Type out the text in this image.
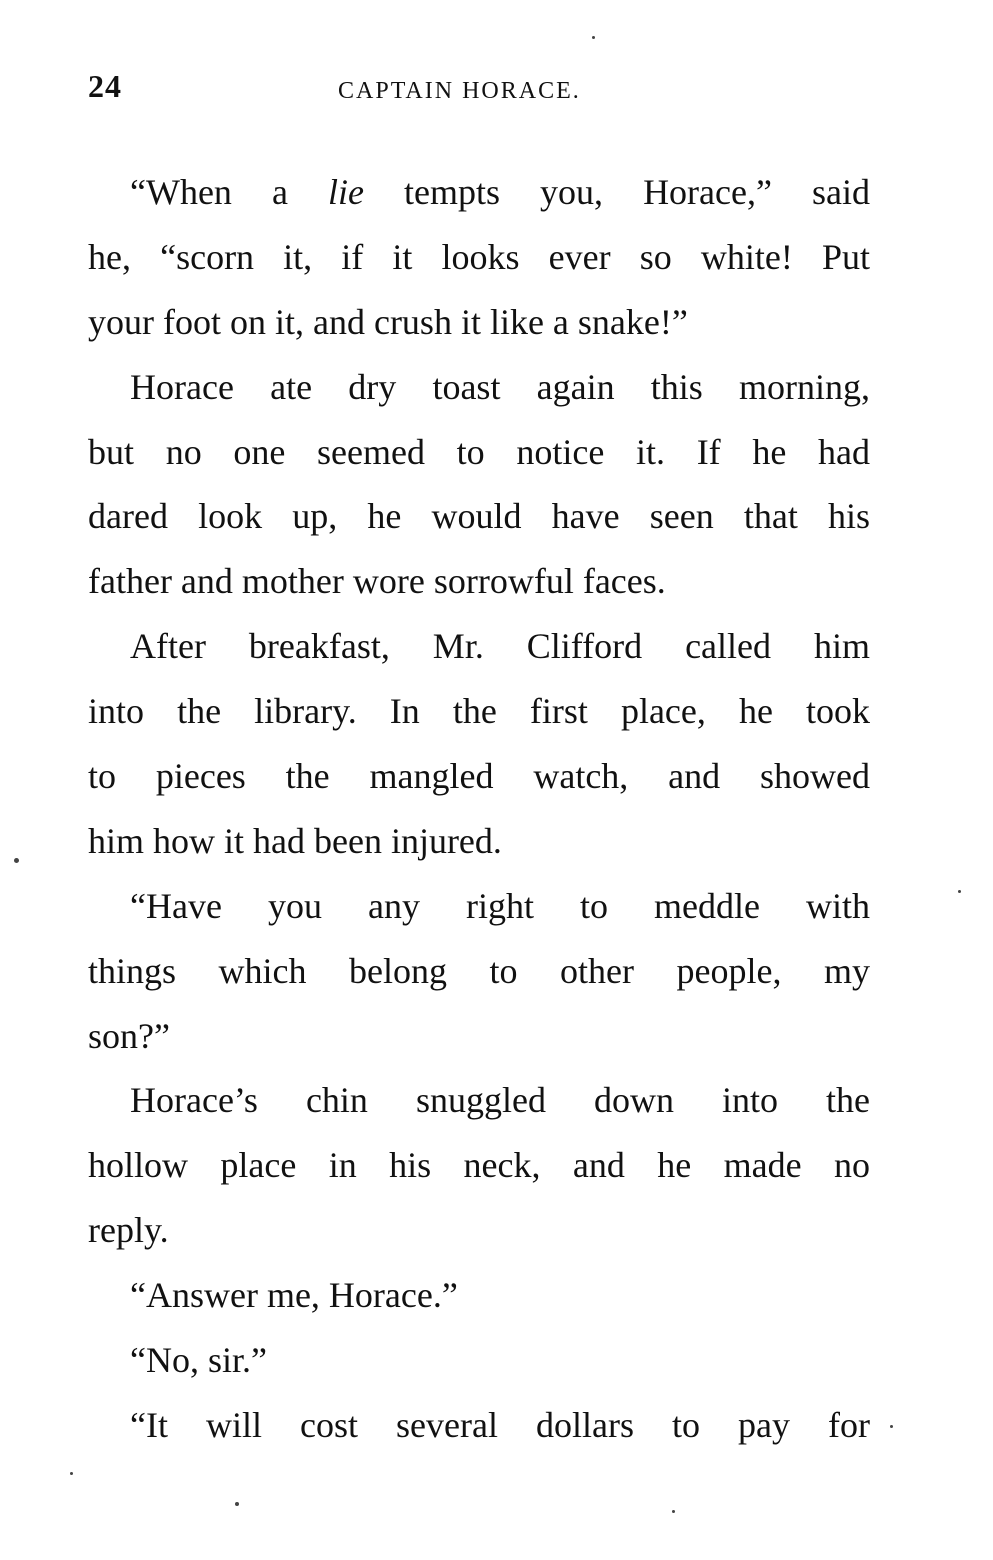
24	CAPTAIN HORACE.
“When a lie tempts you, Horace,” said
he, “scorn it, if it looks ever so white! Put
your foot on it, and crush it like a snake!”
Horace ate dry toast again this morning,
but no one seemed to notice it. If he had
dared look up, he would have seen that his
father and mother wore sorrowful faces.
After breakfast, Mr. Clifford called him
into the library. In the first place, he took
to pieces the mangled watch, and showed
him how it had been injured.
“Have you any right to meddle with
things which belong to other people, my
son?”
Horace’s chin snuggled down into the
hollow place in his neck, and he made no
reply.
“Answer me, Horace.”
“No, sir.”
“It will cost several dollars to pay for
